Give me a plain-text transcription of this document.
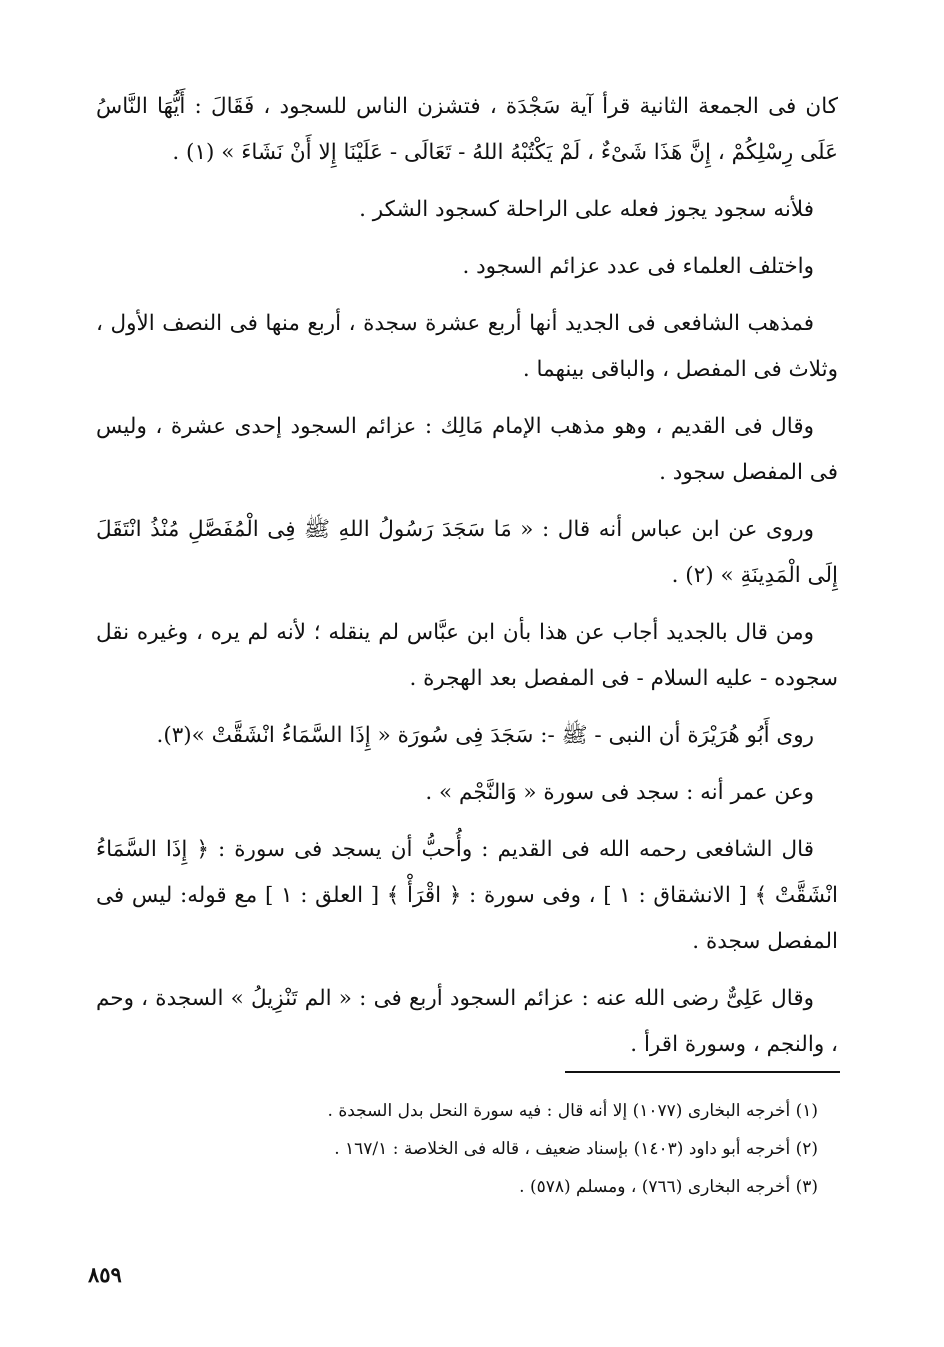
كان فى الجمعة الثانية قرأ آية سَجْدَة ، فتشزن الناس للسجود ، فَقَالَ : أَيُّهَا النَّاسُ عَلَى رِسْلِكُمْ ، إِنَّ هَذَا شَىْءٌ ، لَمْ يَكْتُبْهُ اللهُ - تَعَالَى - عَلَيْنَا إِلا أَنْ نَشَاءَ » (١) .

فلأنه سجود يجوز فعله على الراحلة كسجود الشكر .

واختلف العلماء فى عدد عزائم السجود .

فمذهب الشافعى فى الجديد أنها أربع عشرة سجدة ، أربع منها فى النصف الأول ، وثلاث فى المفصل ، والباقى بينهما .

وقال فى القديم ، وهو مذهب الإمام مَالِك : عزائم السجود إحدى عشرة ، وليس فى المفصل سجود .

وروى عن ابن عباس أنه قال : « مَا سَجَدَ رَسُولُ اللهِ ﷺ فِى الْمُفَصَّلِ مُنْذُ انْتَقَلَ إِلَى الْمَدِينَةِ » (٢) .

ومن قال بالجديد أجاب عن هذا بأن ابن عبَّاس لم ينقله ؛ لأنه لم يره ، وغيره نقل سجوده - عليه السلام - فى المفصل بعد الهجرة .

روى أَبُو هُرَيْرَة أن النبى - ﷺ -: سَجَدَ فِى سُورَة « إِذَا السَّمَاءُ انْشَقَّتْ »(٣).

وعن عمر أنه : سجد فى سورة « وَالنَّجْم » .

قال الشافعى رحمه الله فى القديم : وأُحبُّ أن يسجد فى سورة : ﴿ إِذَا السَّمَاءُ انْشَقَّتْ ﴾ [ الانشقاق : ١ ] ، وفى سورة : ﴿ اقْرَأْ ﴾ [ العلق : ١ ] مع قوله: ليس فى المفصل سجدة .

وقال عَلِىٌّ رضى الله عنه : عزائم السجود أربع فى : « الم تَنْزِيلُ » السجدة ، وحم ، والنجم ، وسورة اقرأ .

(١) أخرجه البخارى (١٠٧٧) إلا أنه قال : فيه سورة النحل بدل السجدة .

(٢) أخرجه أبو داود (١٤٠٣) بإسناد ضعيف ، قاله فى الخلاصة : ١٦٧/١ .

(٣) أخرجه البخارى (٧٦٦) ، ومسلم (٥٧٨) .

٨٥٩
